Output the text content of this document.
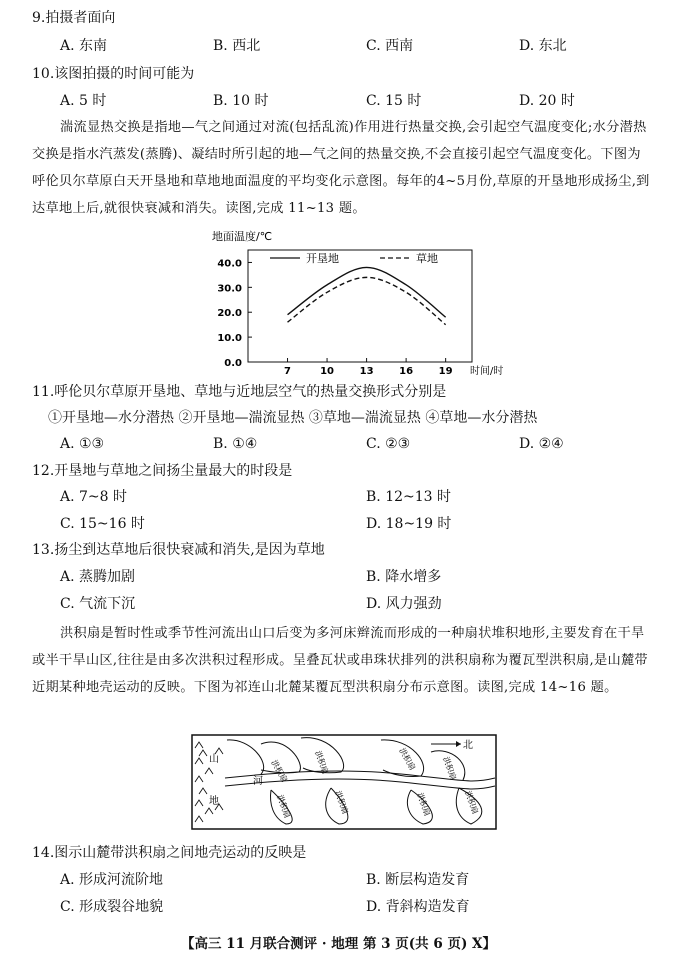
9.拍摄者面向
A. 东南	B. 西北	C. 西南	D. 东北
10.该图拍摄的时间可能为
A. 5 时	B. 10 时	C. 15 时	D. 20 时
湍流显热交换是指地—气之间通过对流(包括乱流)作用进行热量交换,会引起空气温度变化;水分潜热交换是指水汽蒸发(蒸腾)、凝结时所引起的地—气之间的热量交换,不会直接引起空气温度变化。下图为呼伦贝尔草原白天开垦地和草地地面温度的平均变化示意图。每年的4~5月份,草原的开垦地形成扬尘,到达草地上后,就很快衰减和消失。读图,完成 11~13 题。
地面温度/℃
0.0
10.0
20.0
30.0
40.0
7	10	13	16	19 时间/时
开垦地	草地
11.呼伦贝尔草原开垦地、草地与近地层空气的热量交换形式分别是
①开垦地—水分潜热 ②开垦地—湍流显热 ③草地—湍流显热 ④草地—水分潜热
A. ①③	B. ①④	C. ②③	D. ②④
12.开垦地与草地之间扬尘量最大的时段是
A. 7~8 时	B. 12~13 时
C. 15~16 时	D. 18~19 时
13.扬尘到达草地后很快衰减和消失,是因为草地
A. 蒸腾加剧	B. 降水增多
C. 气流下沉	D. 风力强劲
洪积扇是暂时性或季节性河流出山口后变为多河床辫流而形成的一种扇状堆积地形,主要发育在干旱或半干旱山区,往往是由多次洪积过程形成。呈叠瓦状或串珠状排列的洪积扇称为覆瓦型洪积扇,是山麓带近期某种地壳运动的反映。下图为祁连山北麓某覆瓦型洪积扇分布示意图。读图,完成 14~16 题。
山
地
河 洪积扇	洪积扇	洪积扇	洪积扇
洪积扇	洪积扇	洪积扇	洪积扇
北
14.图示山麓带洪积扇之间地壳运动的反映是
A. 形成河流阶地	B. 断层构造发育
C. 形成裂谷地貌	D. 背斜构造发育
【高三 11 月联合测评 · 地理 第 3 页(共 6 页) X】
